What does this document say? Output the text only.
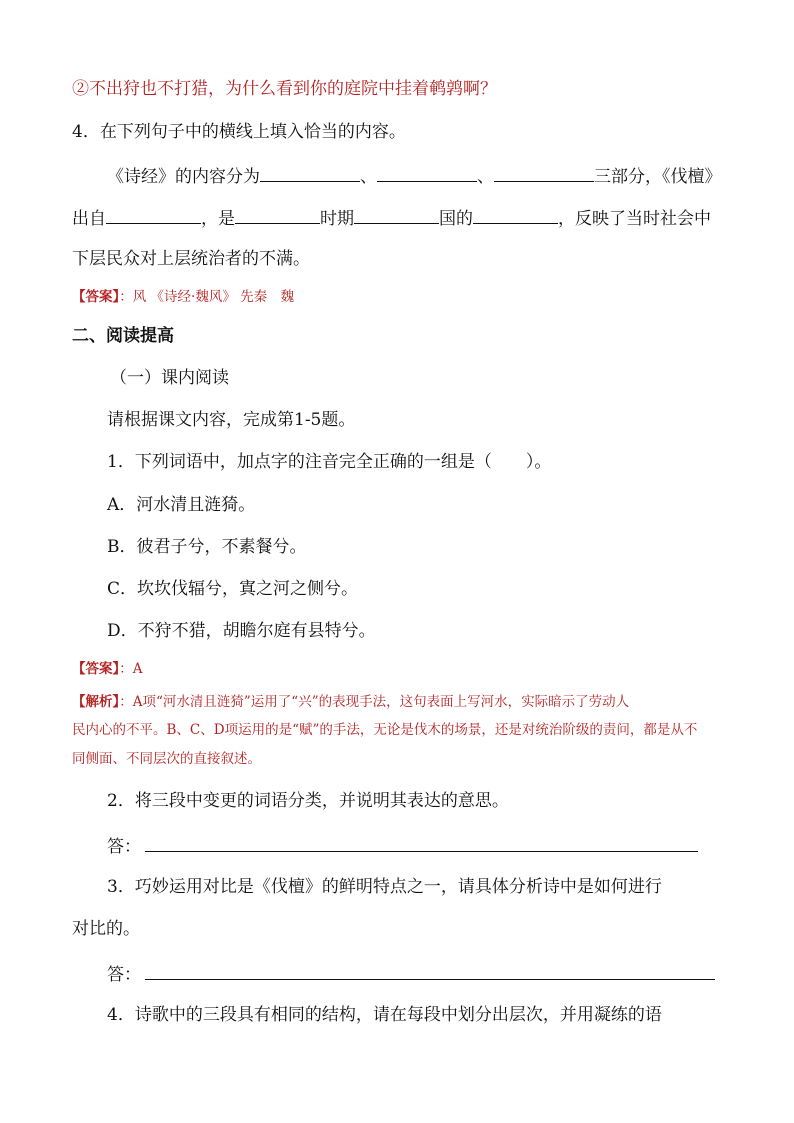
②不出狩也不打猎，为什么看到你的庭院中挂着鹌鹑啊？
4．在下列句子中的横线上填入恰当的内容。
《诗经》的内容分为	、	、	三部分，《伐檀》
出自	，是	时期	国的	，反映了当时社会中
下层民众对上层统治者的不满。
【答案】：风 《诗经·魏风》 先秦　魏
二、阅读提高
（一）课内阅读
请根据课文内容，完成第1-5题。
1．下列词语中，加点字的注音完全正确的一组是（　　）。
A．河水清且涟猗。
B．彼君子兮，不素餐兮。
C．坎坎伐辐兮，寘之河之侧兮。
D．不狩不猎，胡瞻尔庭有县特兮。
【答案】：A
【解析】：A项“河水清且涟猗”运用了“兴”的表现手法，这句表面上写河水，实际暗示了劳动人
民内心的不平。B、C、D项运用的是“赋”的手法，无论是伐木的场景，还是对统治阶级的责问，都是从不
同侧面、不同层次的直接叙述。
2．将三段中变更的词语分类，并说明其表达的意思。
答：
3．巧妙运用对比是《伐檀》的鲜明特点之一，请具体分析诗中是如何进行
对比的。
答：
4．诗歌中的三段具有相同的结构，请在每段中划分出层次，并用凝练的语
